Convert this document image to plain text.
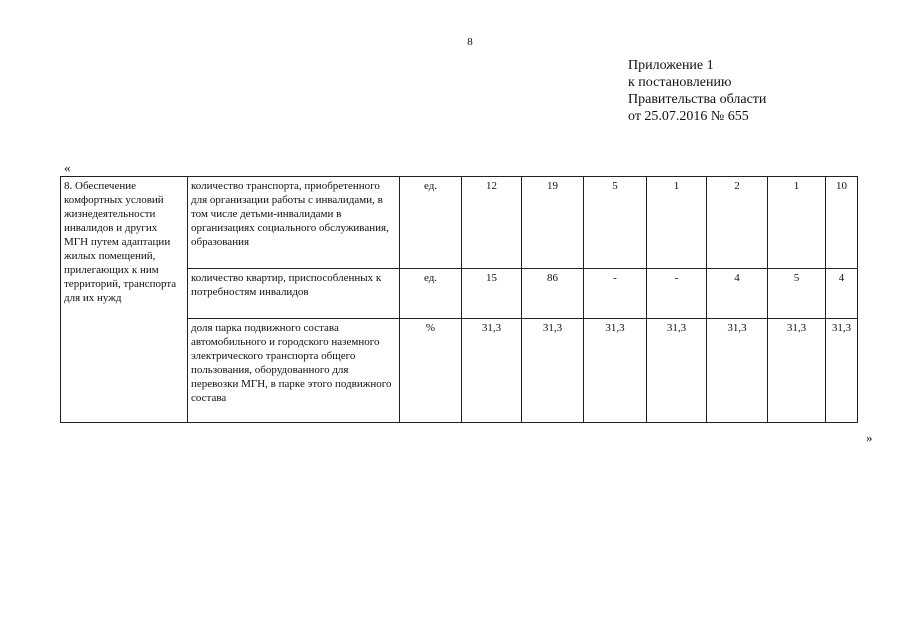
8
Приложение 1
к постановлению
Правительства области
от 25.07.2016 № 655
«
8. Обеспечение комфортных условий жизнедеятельности инвалидов и других МГН путем адаптации жилых помещений, прилегающих к ним территорий, транспорта для их нужд	количество транспорта, приобретенного для организации работы с инвалидами, в том числе детьми-инвалидами в организациях социального обслуживания, образования	ед.	12	19	5	1	2	1	10
	количество квартир, приспособленных к потребностям инвалидов	ед.	15	86	-	-	4	5	4
	доля парка подвижного состава автомобильного и городского наземного электрического транспорта общего пользования, оборудованного для перевозки МГН, в парке этого подвижного состава	%	31,3	31,3	31,3	31,3	31,3	31,3	31,3
»
